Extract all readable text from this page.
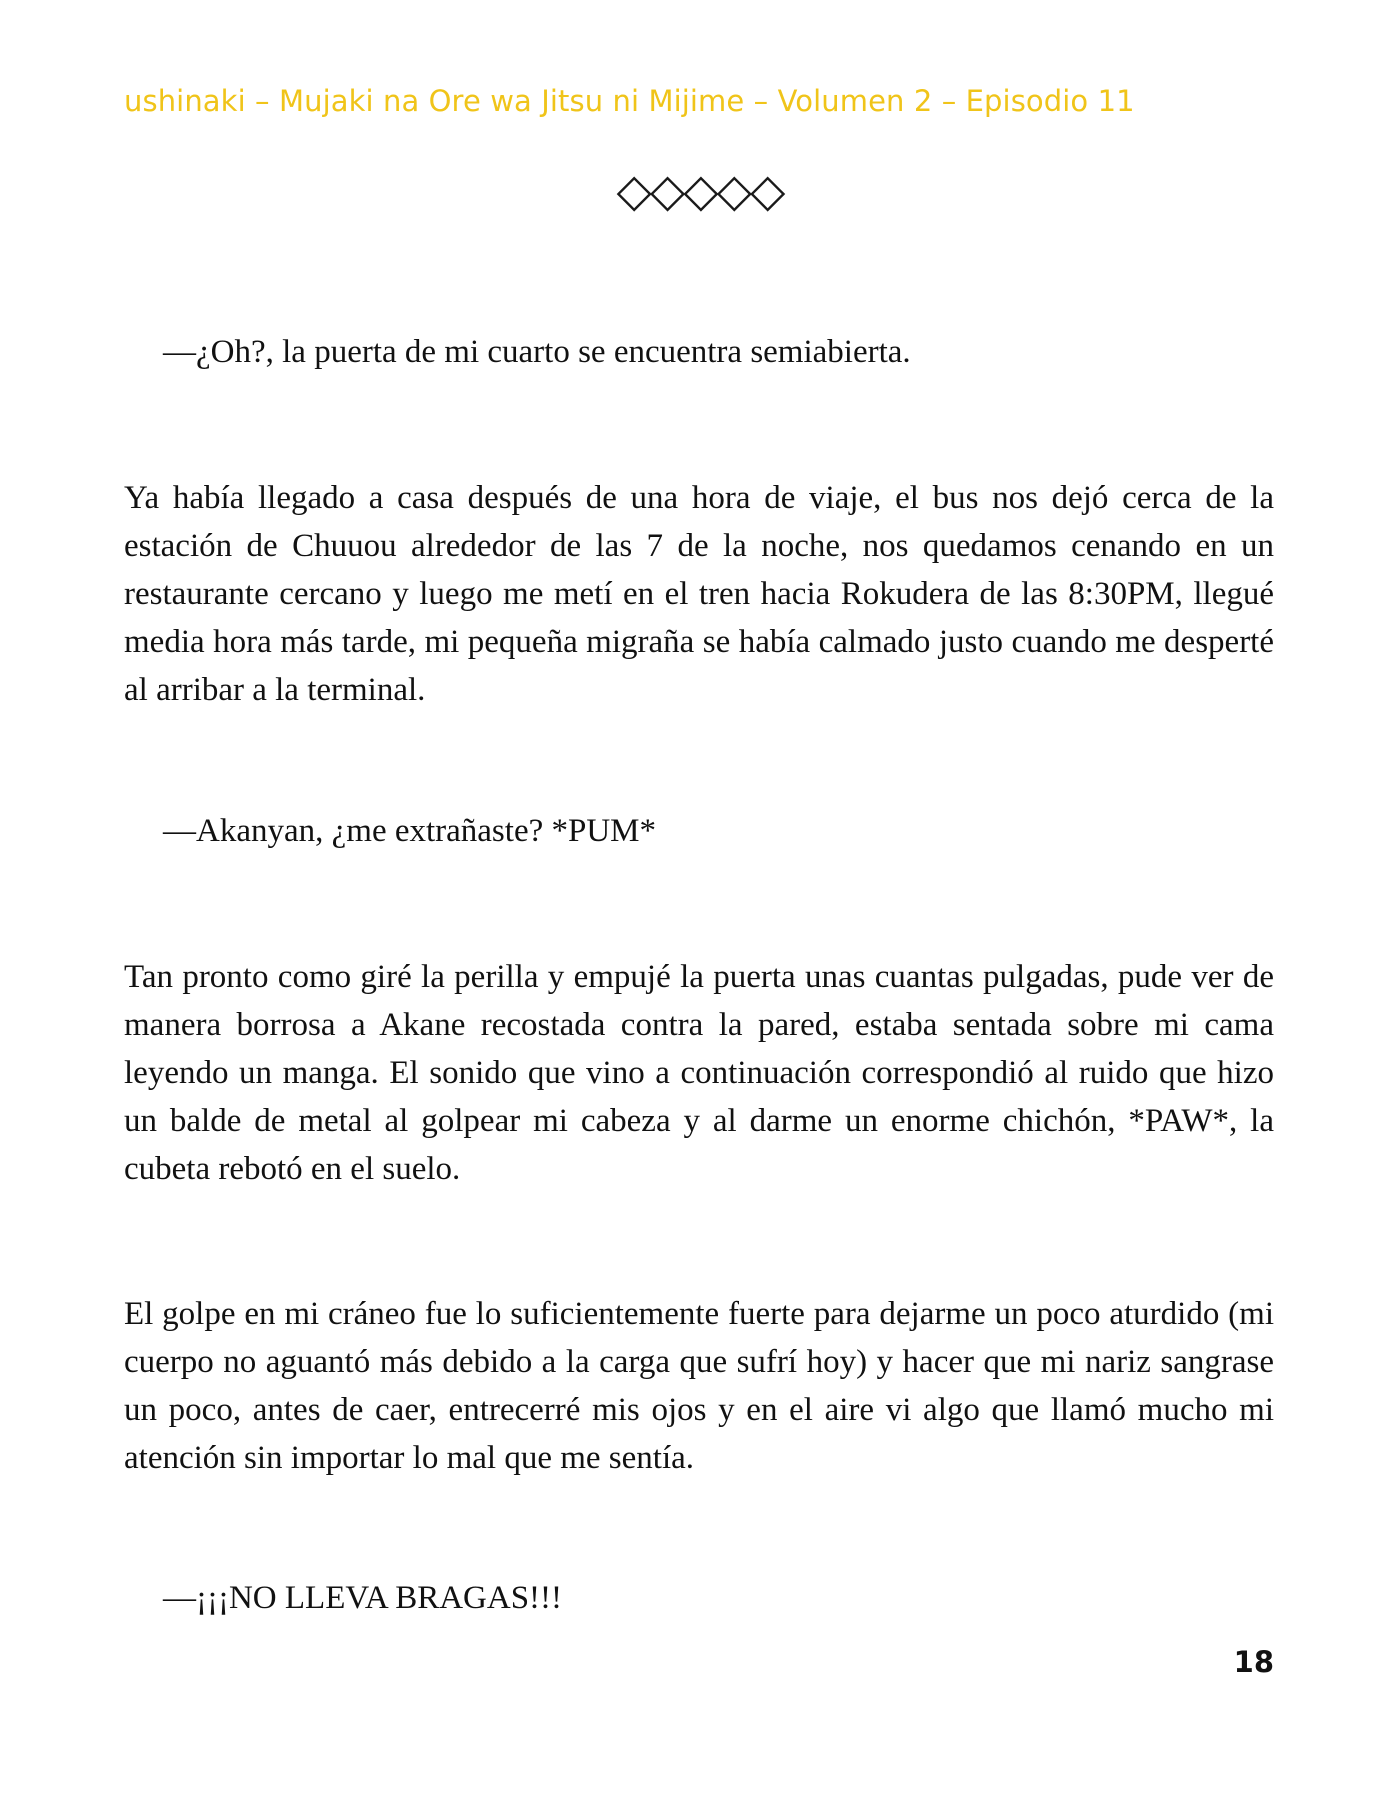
ushinaki – Mujaki na Ore wa Jitsu ni Mijime – Volumen 2 – Episodio 11
◇◇◇◇◇
—¿Oh?, la puerta de mi cuarto se encuentra semiabierta.

Ya había llegado a casa después de una hora de viaje, el bus nos dejó cerca de la estación de Chuuou alrededor de las 7 de la noche, nos quedamos cenando en un restaurante cercano y luego me metí en el tren hacia Rokudera de las 8:30PM, llegué media hora más tarde, mi pequeña migraña se había calmado justo cuando me desperté al arribar a la terminal.

—Akanyan, ¿me extrañaste? *PUM*

Tan pronto como giré la perilla y empujé la puerta unas cuantas pulgadas, pude ver de manera borrosa a Akane recostada contra la pared, estaba sentada sobre mi cama leyendo un manga. El sonido que vino a continuación correspondió al ruido que hizo un balde de metal al golpear mi cabeza y al darme un enorme chichón, *PAW*, la cubeta rebotó en el suelo.

El golpe en mi cráneo fue lo suficientemente fuerte para dejarme un poco aturdido (mi cuerpo no aguantó más debido a la carga que sufrí hoy) y hacer que mi nariz sangrase un poco, antes de caer, entrecerré mis ojos y en el aire vi algo que llamó mucho mi atención sin importar lo mal que me sentía.

—¡¡¡NO LLEVA BRAGAS!!!
18
